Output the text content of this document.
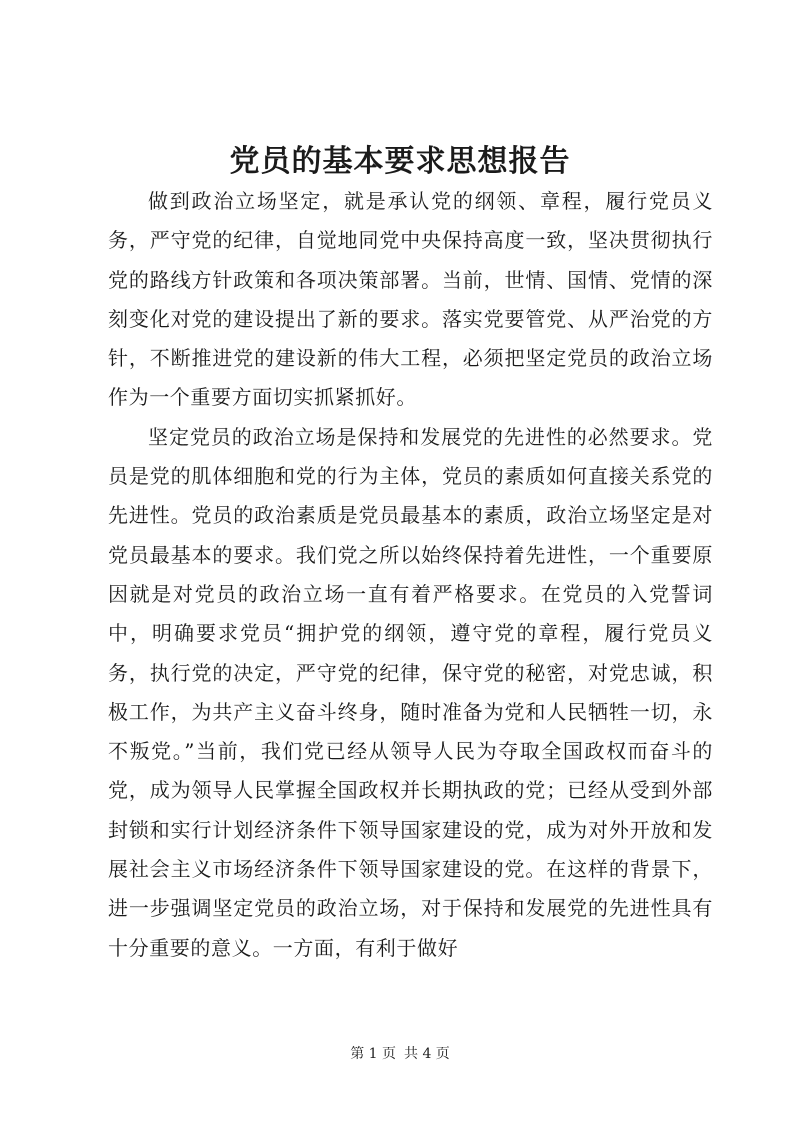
党员的基本要求思想报告

做到政治立场坚定，就是承认党的纲领、章程，履行党员义务，严守党的纪律，自觉地同党中央保持高度一致，坚决贯彻执行党的路线方针政策和各项决策部署。当前，世情、国情、党情的深刻变化对党的建设提出了新的要求。落实党要管党、从严治党的方针，不断推进党的建设新的伟大工程，必须把坚定党员的政治立场作为一个重要方面切实抓紧抓好。

坚定党员的政治立场是保持和发展党的先进性的必然要求。党员是党的肌体细胞和党的行为主体，党员的素质如何直接关系党的先进性。党员的政治素质是党员最基本的素质，政治立场坚定是对党员最基本的要求。我们党之所以始终保持着先进性，一个重要原因就是对党员的政治立场一直有着严格要求。在党员的入党誓词中，明确要求党员“拥护党的纲领，遵守党的章程，履行党员义务，执行党的决定，严守党的纪律，保守党的秘密，对党忠诚，积极工作，为共产主义奋斗终身，随时准备为党和人民牺牲一切，永不叛党。”当前，我们党已经从领导人民为夺取全国政权而奋斗的党，成为领导人民掌握全国政权并长期执政的党；已经从受到外部封锁和实行计划经济条件下领导国家建设的党，成为对外开放和发展社会主义市场经济条件下领导国家建设的党。在这样的背景下，进一步强调坚定党员的政治立场，对于保持和发展党的先进性具有十分重要的意义。一方面，有利于做好

第 1 页 共 4 页
